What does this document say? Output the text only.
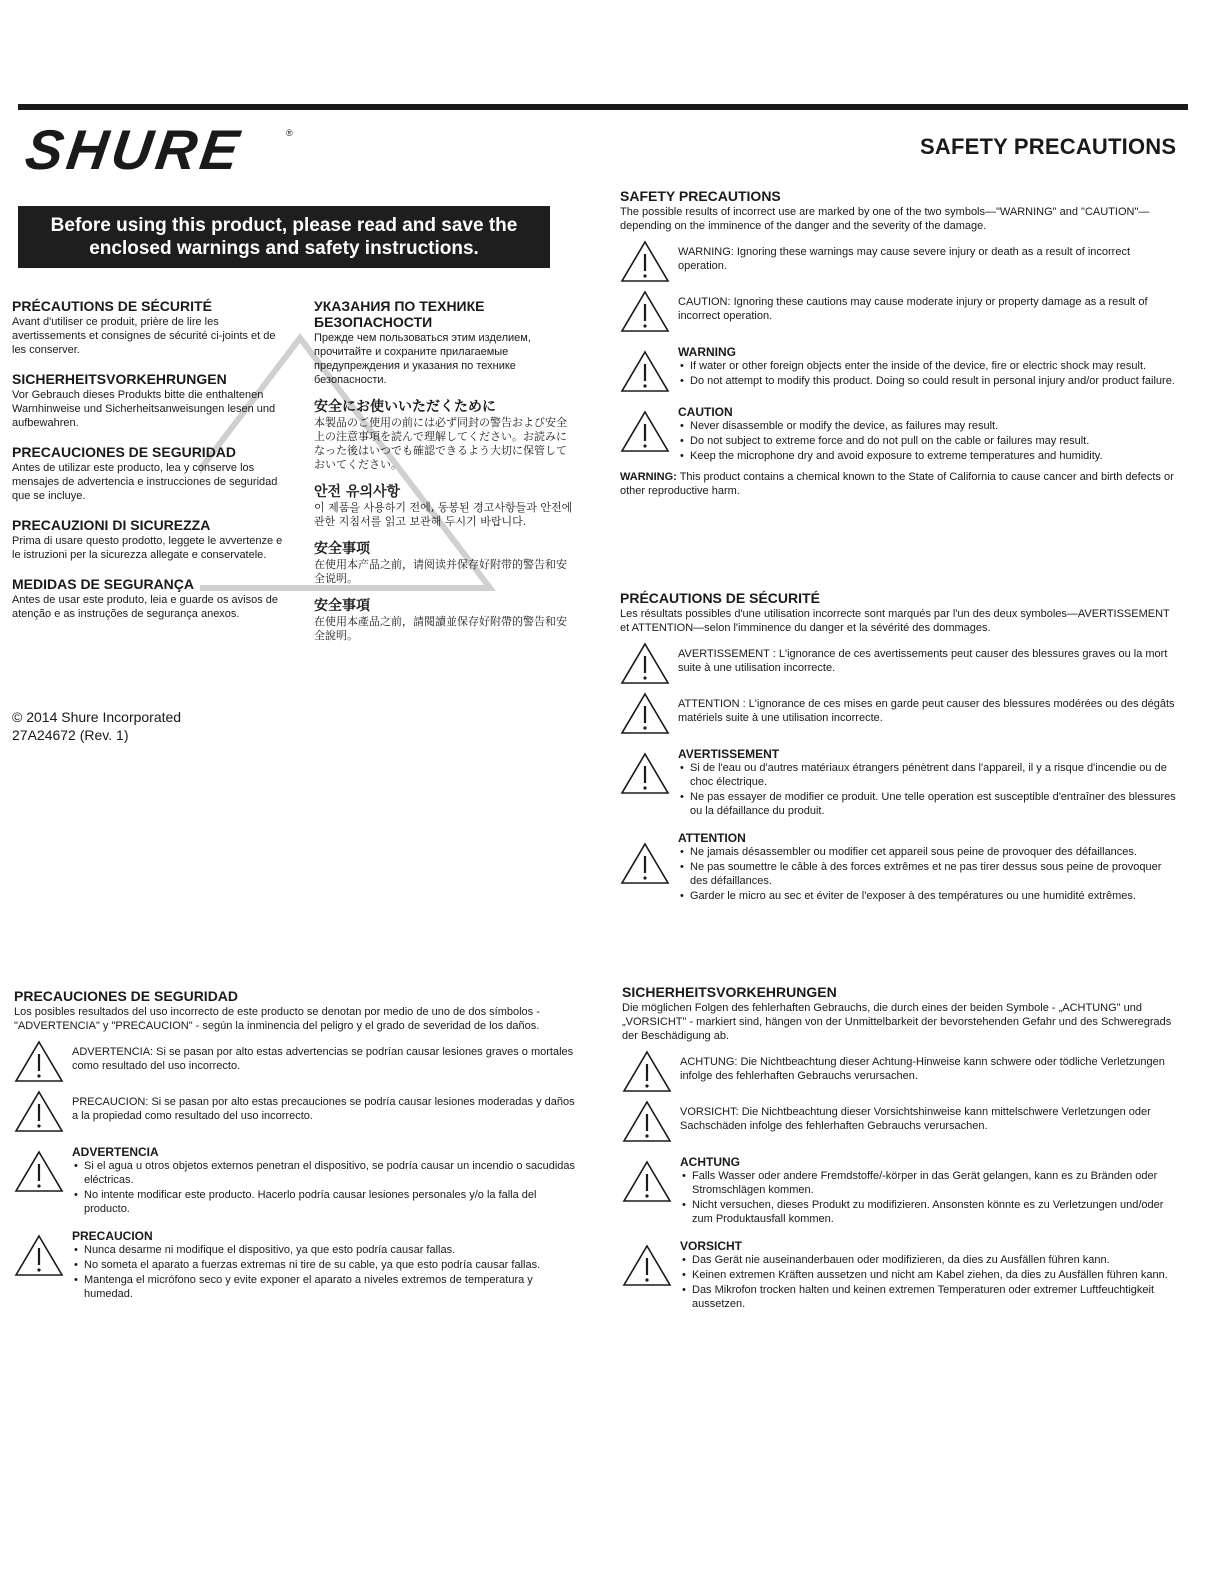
SHURE	®
SAFETY PRECAUTIONS
Before using this product, please read and save the
enclosed warnings and safety instructions.
PRÉCAUTIONS DE SÉCURITÉ

Avant d'utiliser ce produit, prière de lire les avertissements et consignes de sécurité ci-joints et de les conserver.

SICHERHEITSVORKEHRUNGEN

Vor Gebrauch dieses Produkts bitte die enthaltenen Warnhinweise und Sicherheitsanweisungen lesen und aufbewahren.

PRECAUCIONES DE SEGURIDAD

Antes de utilizar este producto, lea y conserve los mensajes de advertencia e instrucciones de seguridad que se incluye.

PRECAUZIONI DI SICUREZZA

Prima di usare questo prodotto, leggete le avvertenze e le istruzioni per la sicurezza allegate e conservatele.

MEDIDAS DE SEGURANÇA

Antes de usar este produto, leia e guarde os avisos de atenção e as instruções de segurança anexos.

УКАЗАНИЯ ПО ТЕХНИКЕ БЕЗОПАСНОСТИ

Прежде чем пользоваться этим изделием, прочитайте и сохраните прилагаемые предупреждения и указания по технике безопасности.

安全にお使いいただくために

本製品のご使用の前には必ず同封の警告および安全上の注意事項を読んで理解してください。お読みになった後はいつでも確認できるよう大切に保管しておいてください。

안전 유의사항

이 제품을 사용하기 전에, 동봉된 경고사항들과 안전에 관한 지침서를 읽고 보관해 두시기 바랍니다.

安全事项

在使用本产品之前，请阅读并保存好附带的警告和安全说明。

安全事項

在使用本產品之前，請閱讀並保存好附帶的警告和安全說明。

© 2014 Shure Incorporated
27A24672 (Rev. 1)
SAFETY PRECAUTIONS

The possible results of incorrect use are marked by one of the two symbols—"WARNING" and "CAUTION"—depending on the imminence of the danger and the severity of the damage.

WARNING: Ignoring these warnings may cause severe injury or death as a result of incorrect operation.
CAUTION: Ignoring these cautions may cause moderate injury or property damage as a result of incorrect operation.
WARNING
• If water or other foreign objects enter the inside of the device, fire or electric shock may result.
• Do not attempt to modify this product. Doing so could result in personal injury and/or product failure.
CAUTION
• Never disassemble or modify the device, as failures may result.
• Do not subject to extreme force and do not pull on the cable or failures may result.
• Keep the microphone dry and avoid exposure to extreme temperatures and humidity.

WARNING: This product contains a chemical known to the State of California to cause cancer and birth defects or other reproductive harm.

PRÉCAUTIONS DE SÉCURITÉ

Les résultats possibles d'une utilisation incorrecte sont marqués par l'un des deux symboles—AVERTISSEMENT et ATTENTION—selon l'imminence du danger et la sévérité des dommages.

AVERTISSEMENT : L'ignorance de ces avertissements peut causer des blessures graves ou la mort suite à une utilisation incorrecte.
ATTENTION : L'ignorance de ces mises en garde peut causer des blessures modérées ou des dégâts matériels suite à une utilisation incorrecte.
AVERTISSEMENT
• Si de l'eau ou d'autres matériaux étrangers pénètrent dans l'appareil, il y a risque d'incendie ou de choc électrique.
• Ne pas essayer de modifier ce produit. Une telle operation est susceptible d'entraîner des blessures ou la défaillance du produit.
ATTENTION
• Ne jamais désassembler ou modifier cet appareil sous peine de provoquer des défaillances.
• Ne pas soumettre le câble à des forces extrêmes et ne pas tirer dessus sous peine de provoquer des défaillances.
• Garder le micro au sec et éviter de l'exposer à des températures ou une humidité extrêmes.
PRECAUCIONES DE SEGURIDAD

Los posibles resultados del uso incorrecto de este producto se denotan por medio de uno de dos símbolos - "ADVERTENCIA" y "PRECAUCION" - según la inminencia del peligro y el grado de severidad de los daños.

ADVERTENCIA: Si se pasan por alto estas advertencias se podrían causar lesiones graves o mortales como resultado del uso incorrecto.
PRECAUCION: Si se pasan por alto estas precauciones se podría causar lesiones moderadas y daños a la propiedad como resultado del uso incorrecto.
ADVERTENCIA
• Si el agua u otros objetos externos penetran el dispositivo, se podría causar un incendio o sacudidas eléctricas.
• No intente modificar este producto. Hacerlo podría causar lesiones personales y/o la falla del producto.
PRECAUCION
• Nunca desarme ni modifique el dispositivo, ya que esto podría causar fallas.
• No someta el aparato a fuerzas extremas ni tire de su cable, ya que esto podría causar fallas.
• Mantenga el micrófono seco y evite exponer el aparato a niveles extremos de temperatura y humedad.
SICHERHEITSVORKEHRUNGEN

Die möglichen Folgen des fehlerhaften Gebrauchs, die durch eines der beiden Symbole - „ACHTUNG" und „VORSICHT" - markiert sind, hängen von der Unmittelbarkeit der bevorstehenden Gefahr und des Schweregrads der Beschädigung ab.

ACHTUNG: Die Nichtbeachtung dieser Achtung-Hinweise kann schwere oder tödliche Verletzungen infolge des fehlerhaften Gebrauchs verursachen.
VORSICHT: Die Nichtbeachtung dieser Vorsichtshinweise kann mittelschwere Verletzungen oder Sachschäden infolge des fehlerhaften Gebrauchs verursachen.
ACHTUNG
• Falls Wasser oder andere Fremdstoffe/-körper in das Gerät gelangen, kann es zu Bränden oder Stromschlägen kommen.
• Nicht versuchen, dieses Produkt zu modifizieren. Ansonsten könnte es zu Verletzungen und/oder zum Produktausfall kommen.
VORSICHT
• Das Gerät nie auseinanderbauen oder modifizieren, da dies zu Ausfällen führen kann.
• Keinen extremen Kräften aussetzen und nicht am Kabel ziehen, da dies zu Ausfällen führen kann.
• Das Mikrofon trocken halten und keinen extremen Temperaturen oder extremer Luftfeuchtigkeit aussetzen.
